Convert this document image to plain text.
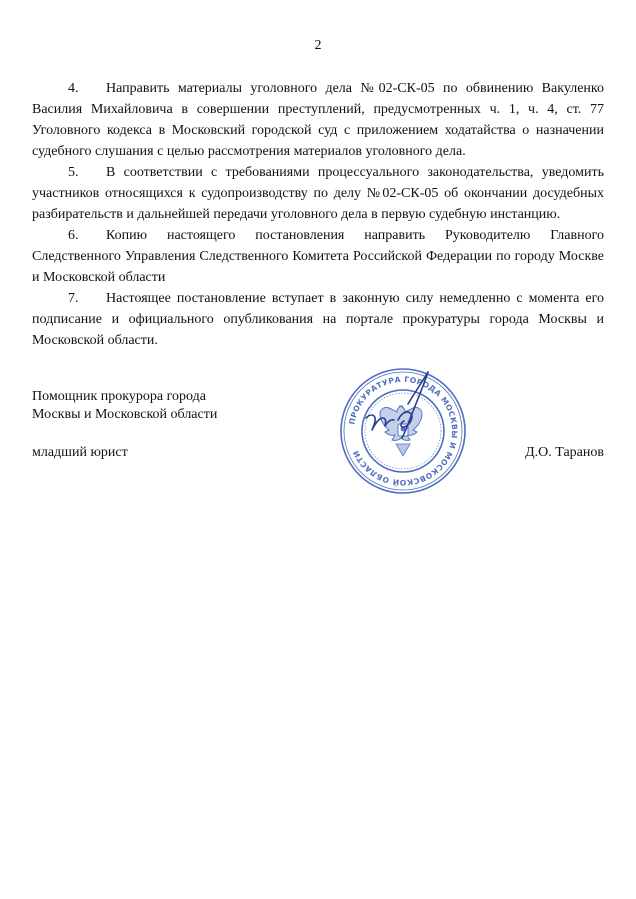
2

4. Направить материалы уголовного дела №02-СК-05 по обвинению Вакуленко Василия Михайловича в совершении преступлений, предусмотренных ч. 1, ч. 4, ст. 77 Уголовного кодекса в Московский городской суд с приложением ходатайства о назначении судебного слушания с целью рассмотрения материалов уголовного дела.

5. В соответствии с требованиями процессуального законодательства, уведомить участников относящихся к судопроизводству по делу №02-СК-05 об окончании досудебных разбирательств и дальнейшей передачи уголовного дела в первую судебную инстанцию.

6. Копию настоящего постановления направить Руководителю Главного Следственного Управления Следственного Комитета Российской Федерации по городу Москве и Московской области

7. Настоящее постановление вступает в законную силу немедленно с момента его подписание и официального опубликования на портале прокуратуры города Москвы и Московской области.

Помощник прокурора города

Москвы и Московской области

младший юрист	Д.О. Таранов
ПРОКУРАТУРА ГОРОДА МОСКВЫ И МОСКОВСКОЙ ОБЛАСТИ
